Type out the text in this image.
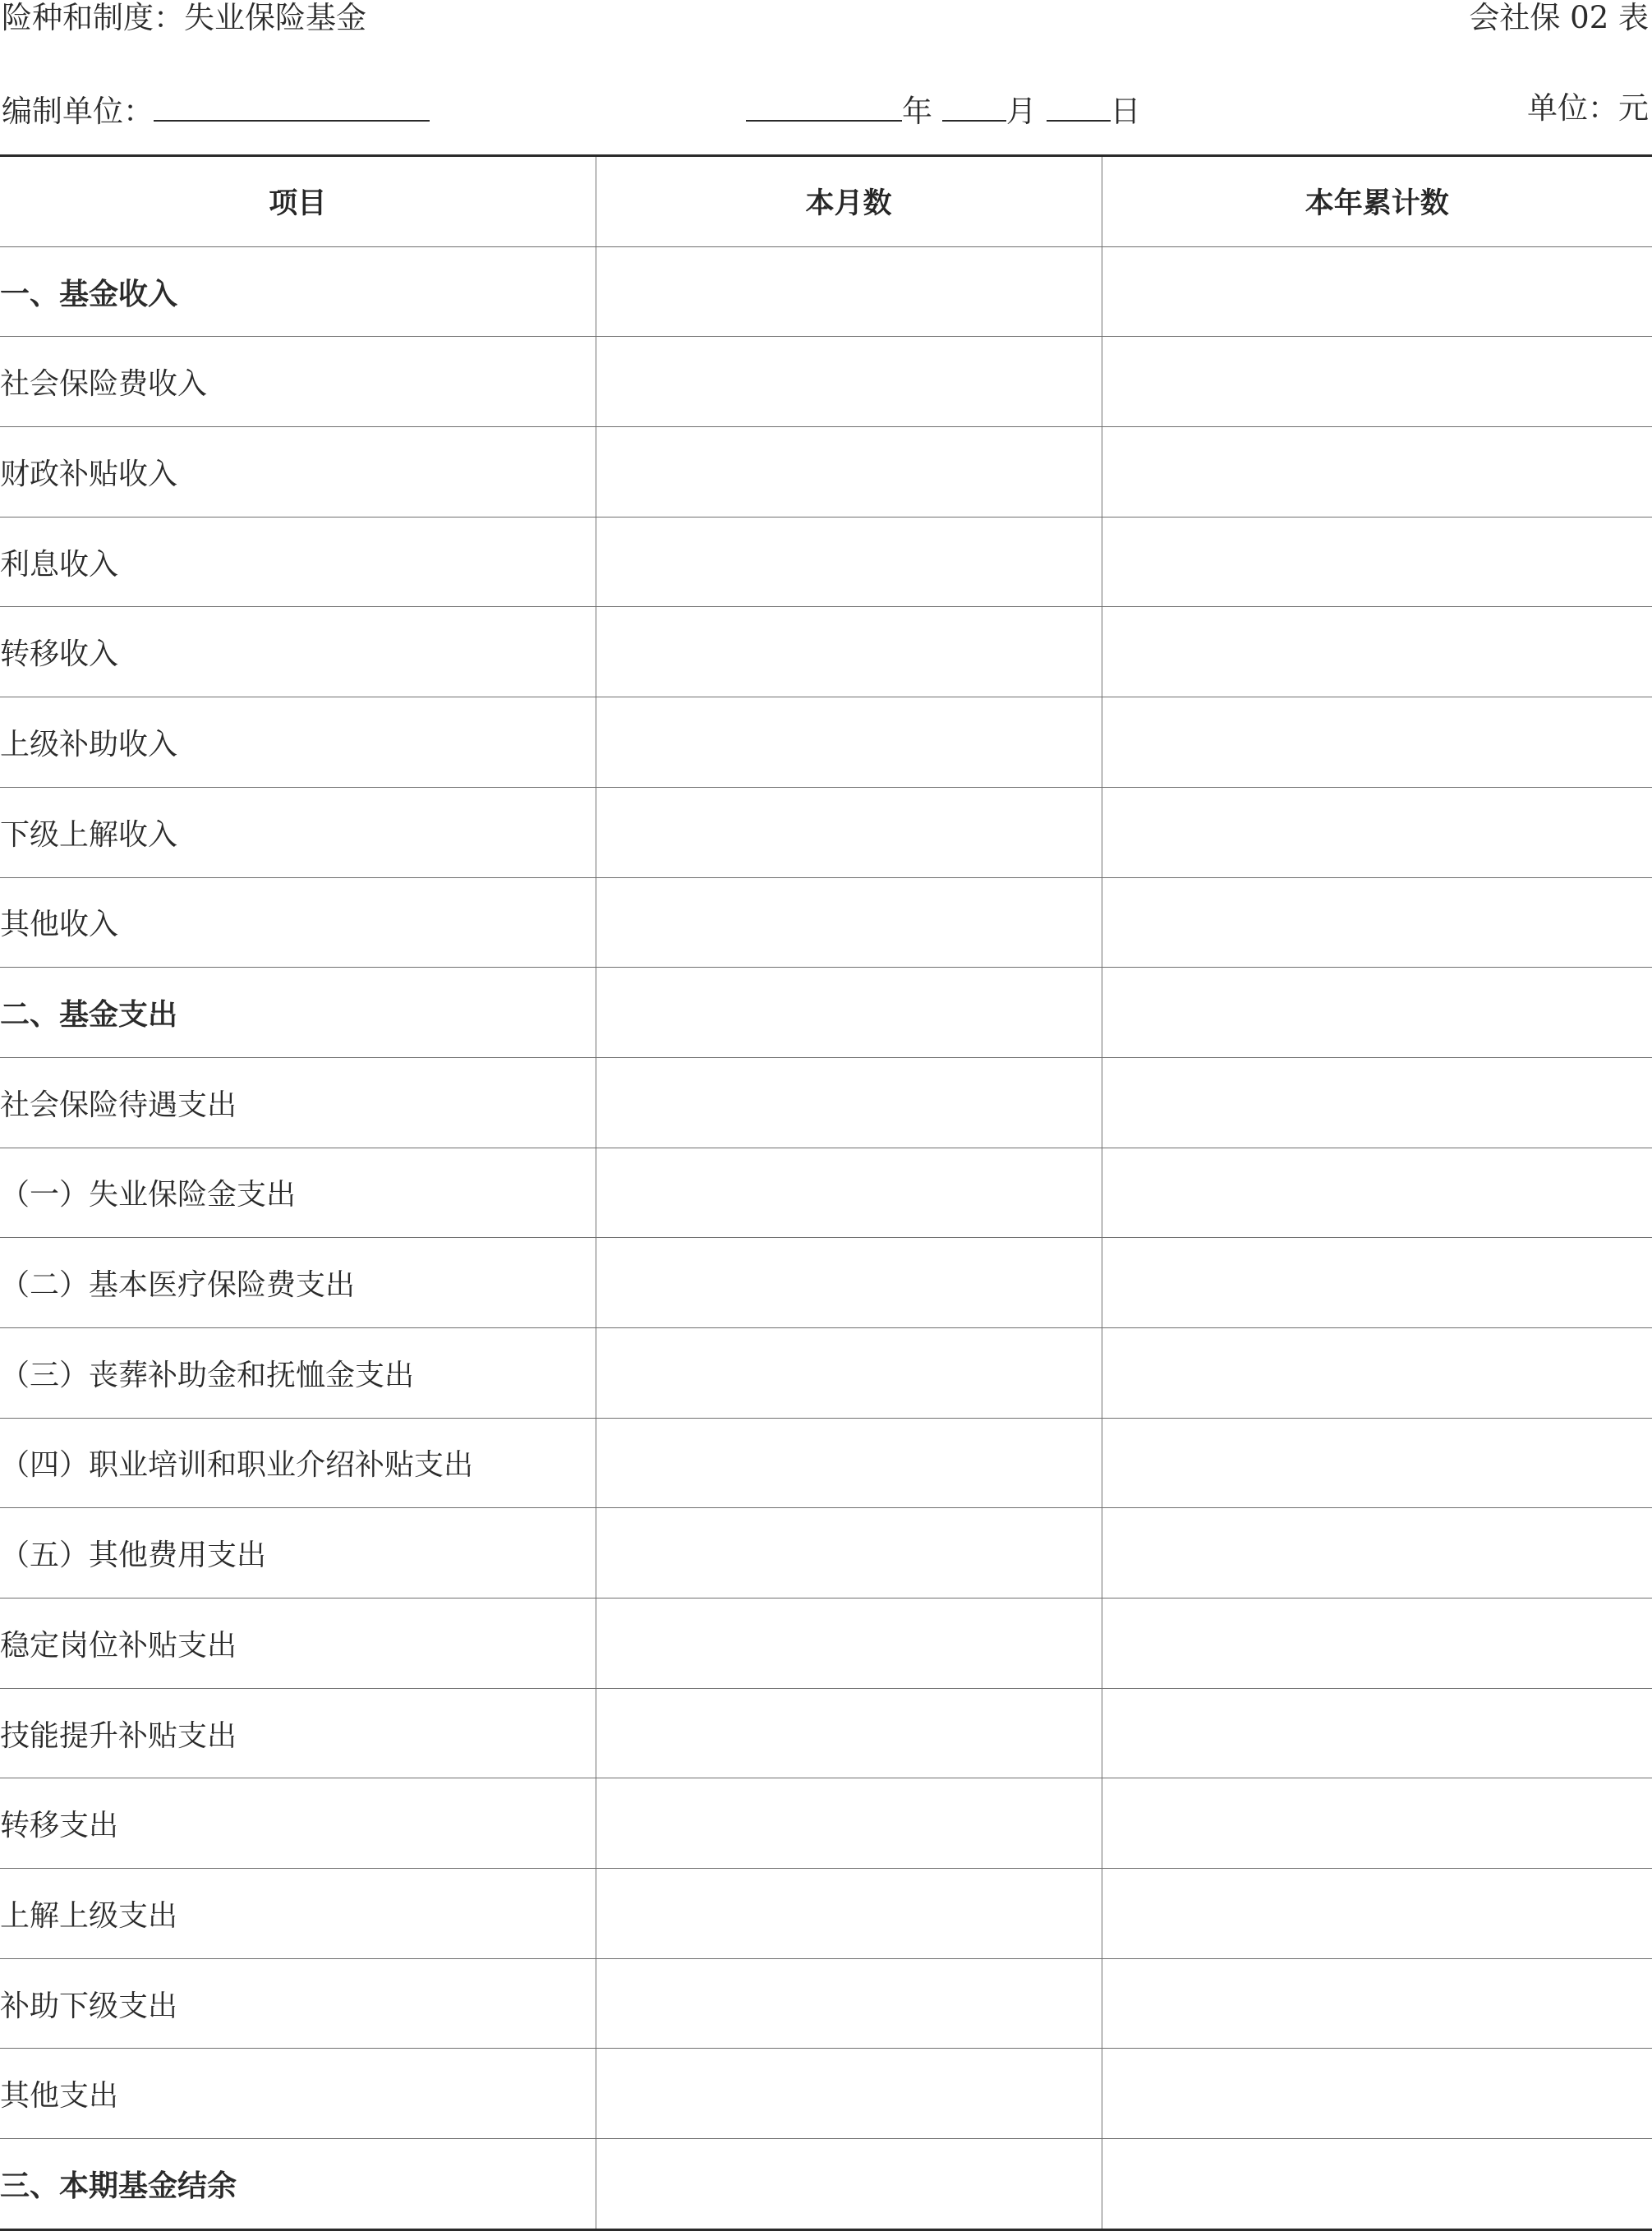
险种和制度：失业保险基金	会社保 02 表
编制单位：	年 月 日	单位：元
项目	本月数	本年累计数
一、基金收入		
社会保险费收入		
财政补贴收入		
利息收入		
转移收入		
上级补助收入		
下级上解收入		
其他收入		
二、基金支出		
社会保险待遇支出		
（一）失业保险金支出		
（二）基本医疗保险费支出		
（三）丧葬补助金和抚恤金支出		
（四）职业培训和职业介绍补贴支出		
（五）其他费用支出		
稳定岗位补贴支出		
技能提升补贴支出		
转移支出		
上解上级支出		
补助下级支出		
其他支出		
三、本期基金结余		
